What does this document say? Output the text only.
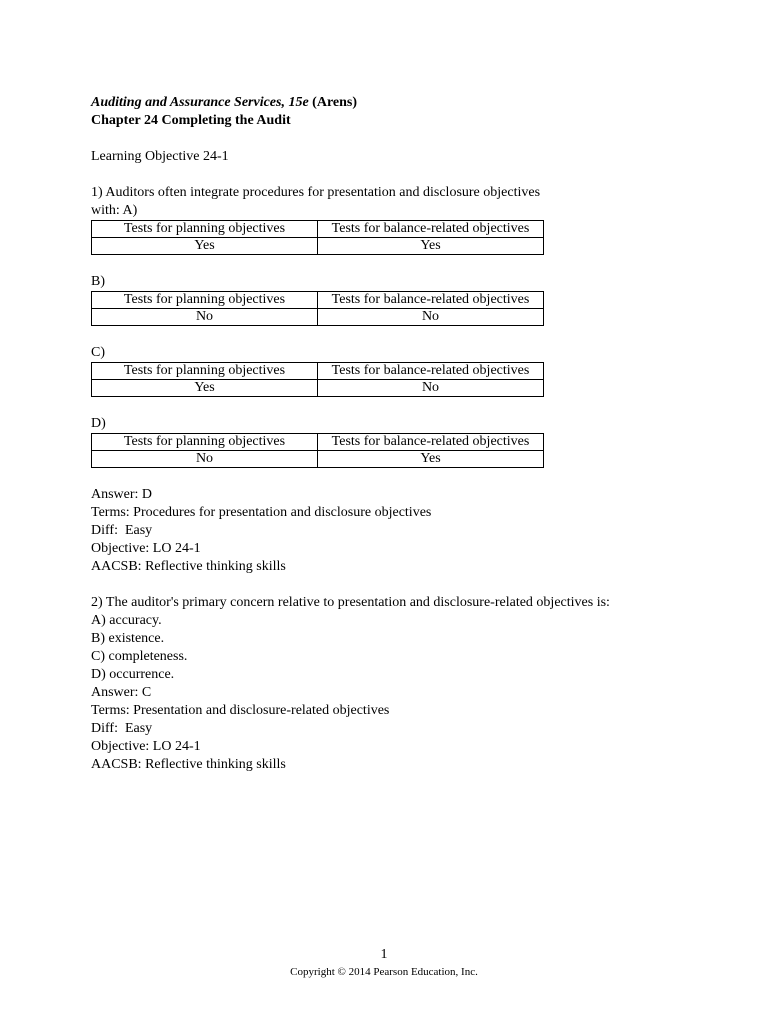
Auditing and Assurance Services, 15e (Arens)
Chapter 24 Completing the Audit

Learning Objective 24-1

1) Auditors often integrate procedures for presentation and disclosure objectives

with: A)

Tests for planning objectives	Tests for balance-related objectives
Yes	Yes

B)

Tests for planning objectives	Tests for balance-related objectives
No	No

C)

Tests for planning objectives	Tests for balance-related objectives
Yes	No

D)

Tests for planning objectives	Tests for balance-related objectives
No	Yes

Answer: D

Terms: Procedures for presentation and disclosure objectives

Diff:  Easy

Objective: LO 24-1

AACSB: Reflective thinking skills

2) The auditor's primary concern relative to presentation and disclosure-related objectives is:

A) accuracy.

B) existence.

C) completeness.

D) occurrence.

Answer: C

Terms: Presentation and disclosure-related objectives

Diff:  Easy

Objective: LO 24-1

AACSB: Reflective thinking skills

1
Copyright © 2014 Pearson Education, Inc.
